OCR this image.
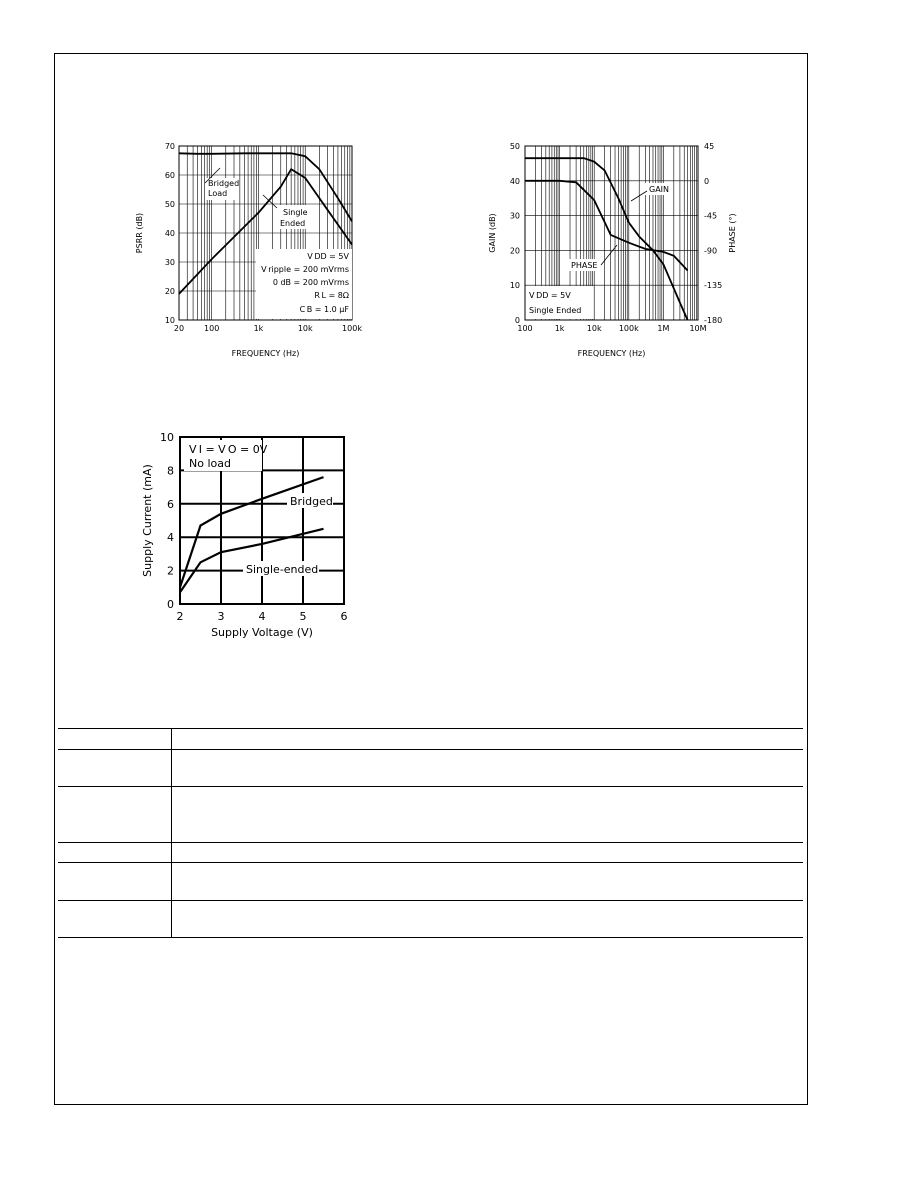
10
20
30
40
50
60
70
20 100	1k	10k	100k
FREQUENCY (Hz)
PSRR (dB)
Bridged
Load
Single
Ended
V DD = 5V
V ripple = 200 mVrms
0 dB = 200 mVrms
R L = 8Ω
C B = 1.0 µF
0
10
20
30
40
50
-180
-135
-90
-45
0
45
100	1k	10k 100k 1M	10M
FREQUENCY (Hz)
GAIN (dB)	PHASE (°)
GAIN
PHASE
V DD = 5V
Single Ended
0
2
4
6
8
10
2	3	4	5	6
Supply Voltage (V)
Supply Current (mA)
V I = V O = 0V
No load
Bridged
Single-ended
